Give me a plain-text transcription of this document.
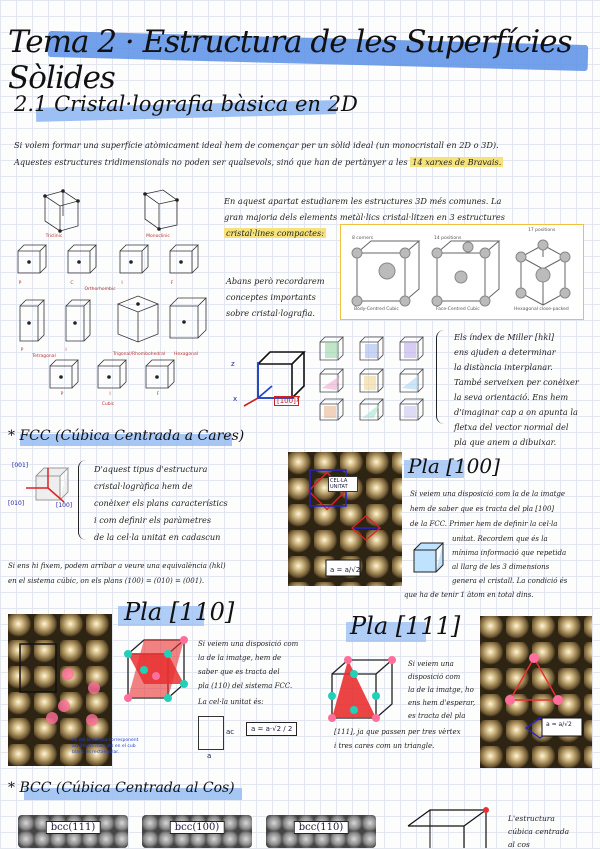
Tema 2 · Estructura de les Superfícies Sòlides
2.1 Cristal·lografia bàsica en 2D
Si volem formar una superfície atòmicament ideal hem de començar per un sòlid ideal (un monocristall en 2D o 3D).
Aquestes estructures tridimensionals no poden ser qualsevols, sinó que han de pertànyer a les 14 xarxes de Bravais.
Triclinic	Monoclinic
P	C
Orthorhombic
I	F
P	I
Tetragonal	Trigonal/Rhombohedral	Hexagonal
P	I	F
Cubic
En aquest apartat estudiarem les estructures 3D més comunes. La
gran majoria dels elements metàl·lics cristal·litzen en 3 estructures
cristal·lines compactes:
8 corners	14 positions
17 positions
Body-Centred Cubic	Face-Centred Cubic	Hexagonal close-packed
Abans però recordarem
conceptes importants
sobre cristal·lografia.
z
x	y
[100]
Els índex de Miller [hkl]
ens ajuden a determinar
la distància interplanar.
També serveixen per conèixer
la seva orientació. Ens hem
d'imaginar cap a on apunta la
fletxa del vector normal del
pla que anem a dibuixar.
* FCC (Cúbica Centrada a Cares)
[001]
[010]	[100]
D'aquest tipus d'estructura
cristal·logràfica hem de
conèixer els plans característics
i com definir els paràmetres
de la cel·la unitat en cadascun
Si ens hi fixem, podem arribar a veure una equivalència (hkl)
en el sistema cúbic, on els plans (100) = (010) = (001).
CEL·LA UNITAT
a = a/√2
Pla [100]
Si veiem una disposició com la de la imatge
hem de saber que es tracta del pla [100]
de la FCC. Primer hem de definir la cel·la
unitat. Recordem que és la
mínima informació que repetida
al llarg de les 3 dimensions
genera el cristall. La condició és
que ha de tenir 1 àtom en total dins.
Pla [110]
La cel·la del pla corresponent
als àtoms marcats en el cub
blanc és rectangular.
Si veiem una disposició com
la de la imatge, hem de
saber que es tracta del
pla (110) del sistema FCC.
La cel·la unitat és:
ac
a
a = a·√2 / 2
Pla [111]
Si veiem una
disposició com
la de la imatge, ho
ens hem d'esperar,
es tracta del pla
[111], ja que passen per tres vèrtex
i tres cares com un triangle.
a = a/√2
* BCC (Cúbica Centrada al Cos)
bcc(111)	bcc(100)	bcc(110)
L'estructura
cúbica centrada
al cos
